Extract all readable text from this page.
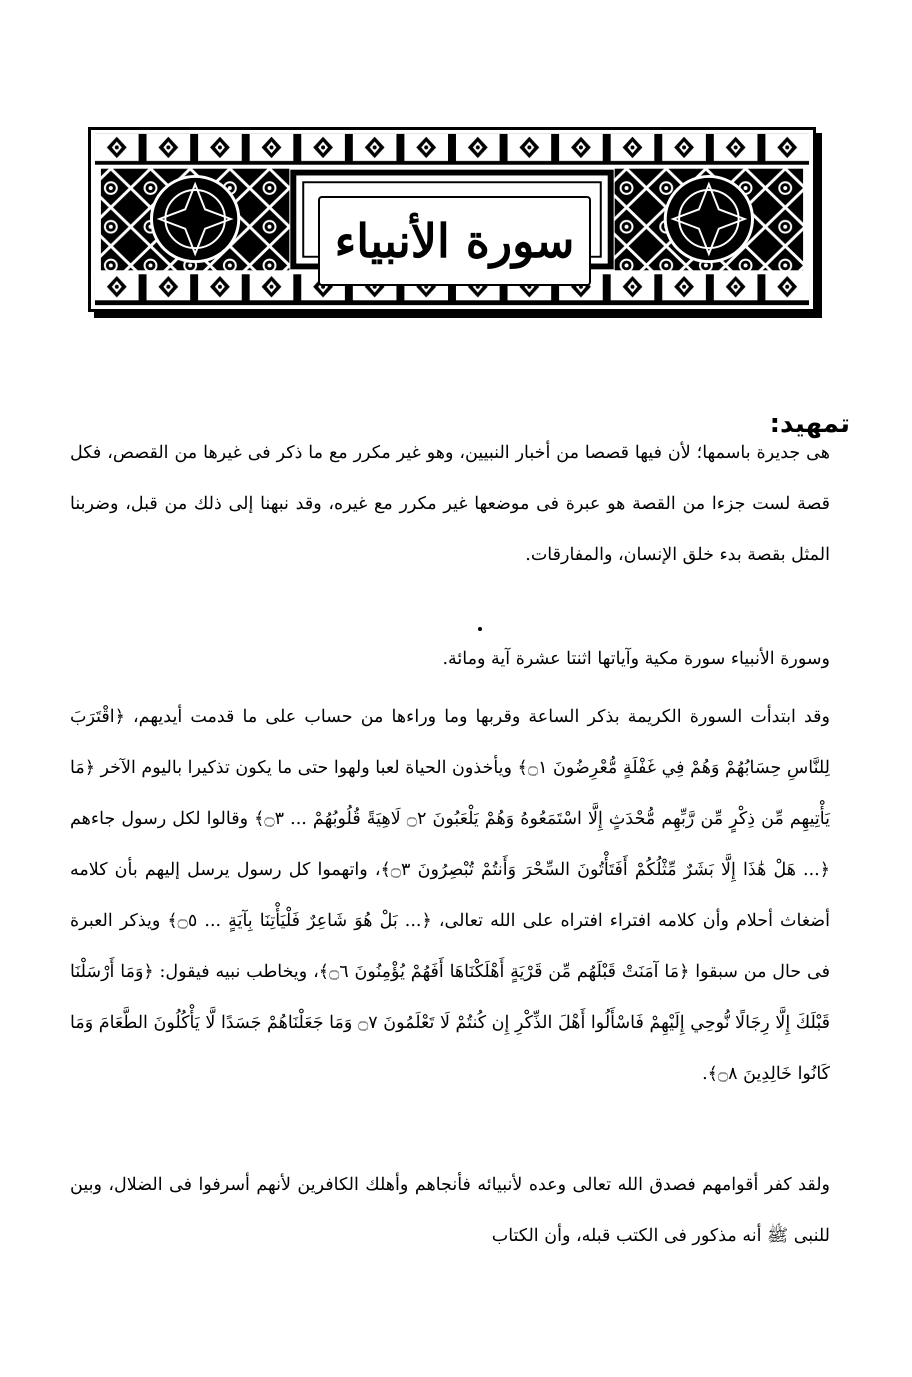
سورة الأنبياء
تمهيد:

هى جديرة باسمها؛ لأن فيها قصصا من أخبار النبيين، وهو غير مكرر مع ما ذكر فى غيرها من القصص، فكل قصة لست جزءا من القصة هو عبرة فى موضعها غير مكرر مع غيره، وقد نبهنا إلى ذلك من قبل، وضربنا المثل بقصة بدء خلق الإنسان، والمفارقات.

وسورة الأنبياء سورة مكية وآياتها اثنتا عشرة آية ومائة.

وقد ابتدأت السورة الكريمة بذكر الساعة وقربها وما وراءها من حساب على ما قدمت أيديهم، ﴿اقْتَرَبَ لِلنَّاسِ حِسَابُهُمْ وَهُمْ فِي غَفْلَةٍ مُّعْرِضُونَ ۝١﴾ ويأخذون الحياة لعبا ولهوا حتى ما يكون تذكيرا باليوم الآخر ﴿مَا يَأْتِيهِم مِّن ذِكْرٍ مِّن رَّبِّهِم مُّحْدَثٍ إِلَّا اسْتَمَعُوهُ وَهُمْ يَلْعَبُونَ ۝٢ لَاهِيَةً قُلُوبُهُمْ ... ۝٣﴾ وقالوا لكل رسول جاءهم ﴿... هَلْ هَٰذَا إِلَّا بَشَرٌ مِّثْلُكُمْ أَفَتَأْتُونَ السِّحْرَ وَأَنتُمْ تُبْصِرُونَ ۝٣﴾، واتهموا كل رسول يرسل إليهم بأن كلامه أضغاث أحلام وأن كلامه افتراء افتراه على الله تعالى، ﴿... بَلْ هُوَ شَاعِرٌ فَلْيَأْتِنَا بِآيَةٍ ... ۝٥﴾ ويذكر العبرة فى حال من سبقوا ﴿مَا آمَنَتْ قَبْلَهُم مِّن قَرْيَةٍ أَهْلَكْنَاهَا أَفَهُمْ يُؤْمِنُونَ ۝٦﴾، ويخاطب نبيه فيقول: ﴿وَمَا أَرْسَلْنَا قَبْلَكَ إِلَّا رِجَالًا نُّوحِي إِلَيْهِمْ فَاسْأَلُوا أَهْلَ الذِّكْرِ إِن كُنتُمْ لَا تَعْلَمُونَ ۝٧ وَمَا جَعَلْنَاهُمْ جَسَدًا لَّا يَأْكُلُونَ الطَّعَامَ وَمَا كَانُوا خَالِدِينَ ۝٨﴾.

ولقد كفر أقوامهم فصدق الله تعالى وعده لأنبيائه فأنجاهم وأهلك الكافرين لأنهم أسرفوا فى الضلال، وبين للنبى ﷺ أنه مذكور فى الكتب قبله، وأن الكتاب
